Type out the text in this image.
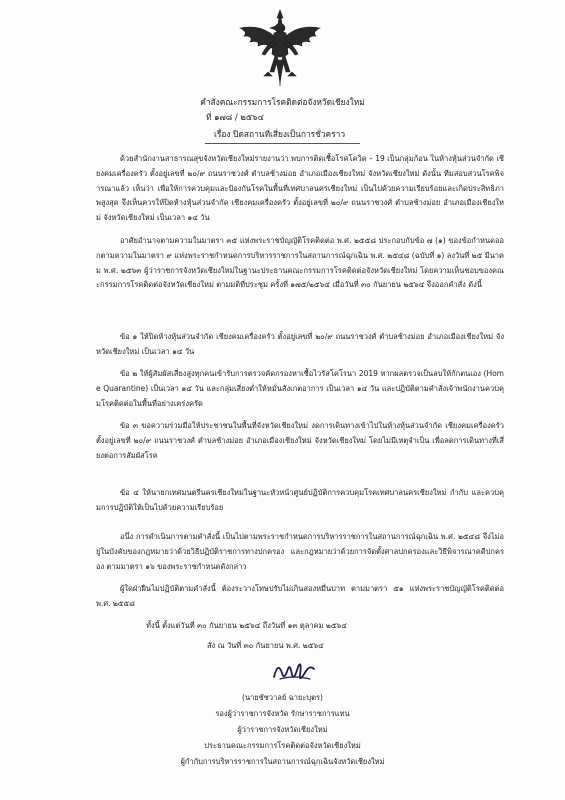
คำสั่งคณะกรรมการโรคติดต่อจังหวัดเชียงใหม่
ที่ ๑๗๘ / ๒๕๖๔
เรื่อง ปิดสถานที่เสี่ยงเป็นการชั่วคราว
ด้วยสำนักงานสาธารณสุขจังหวัดเชียงใหม่รายงานว่า พบการติดเชื้อโรคโควิด – 19 เป็นกลุ่มก้อน ในห้างหุ้นส่วนจำกัด เชียงคมเครื่องครัว ตั้งอยู่เลขที่ ๒๐/๙ ถนนราชวงศ์ ตำบลช้างม่อย อำเภอเมืองเชียงใหม่ จังหวัดเชียงใหม่ ดังนั้น ทีมสอบสวนโรคพิจารณาแล้ว เห็นว่า เพื่อให้การควบคุมและป้องกันโรคในพื้นที่เทศบาลนครเชียงใหม่ เป็นไปด้วยความเรียบร้อยและเกิดประสิทธิภาพสูงสุด จึงเห็นควรให้ปิดห้างหุ้นส่วนจำกัด เชียงคมเครื่องครัว ตั้งอยู่เลขที่ ๒๐/๙ ถนนราชวงศ์ ตำบลช้างม่อย อำเภอเมืองเชียงใหม่ จังหวัดเชียงใหม่ เป็นเวลา ๑๔ วัน
อาศัยอำนาจตามความในมาตรา ๓๕ แห่งพระราชบัญญัติโรคติดต่อ พ.ศ. ๒๕๕๘ ประกอบกับข้อ ๗ (๑) ของข้อกำหนดออกตามความในมาตรา ๙ แห่งพระราชกำหนดการบริหารราชการในสถานการณ์ฉุกเฉิน พ.ศ. ๒๕๔๘ (ฉบับที่ ๑) ลงวันที่ ๒๕ มีนาคม พ.ศ. ๒๕๖๓ ผู้ว่าราชการจังหวัดเชียงใหม่ในฐานะประธานคณะกรรมการโรคติดต่อจังหวัดเชียงใหม่ โดยความเห็นชอบของคณะกรรมการโรคติดต่อจังหวัดเชียงใหม่ ตามมติที่ประชุม ครั้งที่ ๑๗๕/๒๕๖๔ เมื่อวันที่ ๓๐ กันยายน ๒๕๖๔ จึงออกคำสั่ง ดังนี้
ข้อ ๑ ให้ปิดห้างหุ้นส่วนจำกัด เชียงคมเครื่องครัว ตั้งอยู่เลขที่ ๒๐/๙ ถนนราชวงศ์ ตำบลช้างม่อย อำเภอเมืองเชียงใหม่ จังหวัดเชียงใหม่ เป็นเวลา ๑๔ วัน
ข้อ ๒ ให้ผู้สัมผัสเสี่ยงสูงทุกคนเข้ารับการตรวจคัดกรองหาเชื้อไวรัสโคโรนา 2019 หากผลตรวจเป็นลบให้กักตนเอง (Home Quarantine) เป็นเวลา ๑๔ วัน และกลุ่มเสี่ยงต่ำให้หมั่นสังเกตอาการ เป็นเวลา ๑๔ วัน และปฏิบัติตามคำสั่งเจ้าพนักงานควบคุมโรคติดต่อในพื้นที่อย่างเคร่งครัด
ข้อ ๓ ขอความร่วมมือให้ประชาชนในพื้นที่จังหวัดเชียงใหม่ งดการเดินทางเข้าไปในห้างหุ้นส่วนจำกัด เชียงคมเครื่องครัว ตั้งอยู่เลขที่ ๒๐/๙ ถนนราชวงศ์ ตำบลช้างม่อย อำเภอเมืองเชียงใหม่ จังหวัดเชียงใหม่ โดยไม่มีเหตุจำเป็น เพื่อลดการเดินทางที่เสี่ยงต่อการสัมผัสโรค
ข้อ ๔ ให้นายกเทศมนตรีนครเชียงใหม่ในฐานะหัวหน้าศูนย์ปฏิบัติการควบคุมโรคเทศบาลนครเชียงใหม่ กำกับ และควบคุมการปฏิบัติให้เป็นไปด้วยความเรียบร้อย
อนึ่ง การดำเนินการตามคำสั่งนี้ เป็นไปตามพระราชกำหนดการบริหารราชการในสถานการณ์ฉุกเฉิน พ.ศ. ๒๕๔๘ จึงไม่อยู่ในบังคับของกฎหมายว่าด้วยวิธีปฏิบัติราชการทางปกครอง และกฎหมายว่าด้วยการจัดตั้งศาลปกครองและวิธีพิจารณาคดีปกครอง ตามมาตรา ๑๖ ของพระราชกำหนดดังกล่าว
ผู้ใดฝ่าฝืนไม่ปฏิบัติตามคำสั่งนี้ ต้องระวางโทษปรับไม่เกินสองหมื่นบาท ตามมาตรา ๕๑ แห่งพระราชบัญญัติโรคติดต่อ พ.ศ. ๒๕๕๘
ทั้งนี้ ตั้งแต่วันที่ ๓๐ กันยายน ๒๕๖๔ ถึงวันที่ ๑๓ ตุลาคม ๒๕๖๔
สั่ง ณ วันที่ ๓๐ กันยายน พ.ศ. ๒๕๖๔
(นายชัชวาลย์ ฉายะบุตร)
รองผู้ว่าราชการจังหวัด รักษาราชการแทน
ผู้ว่าราชการจังหวัดเชียงใหม่
ประธานคณะกรรมการโรคติดต่อจังหวัดเชียงใหม่
ผู้กำกับการบริหารราชการในสถานการณ์ฉุกเฉินจังหวัดเชียงใหม่
